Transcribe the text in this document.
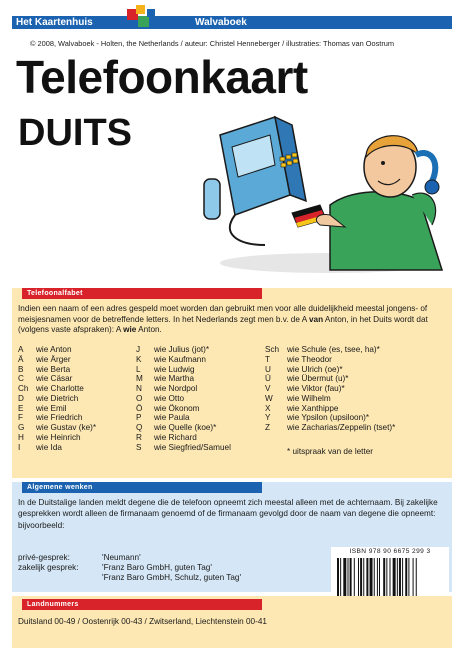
Het Kaartenhuis	Walvaboek
© 2008, Walvaboek - Holten, the Netherlands / auteur: Christel Henneberger / illustraties: Thomas van Oostrum
Telefoonkaart
DUITS
Telefoonalfabet

Indien een naam of een adres gespeld moet worden dan gebruikt men voor alle duidelijkheid meestal jongens- of meisjesnamen voor de betreffende letters. In het Nederlands zegt men b.v. de A van Anton, in het Duits wordt dat (volgens vaste afspraken): A wie Anton.

A	wie Anton
Ä	wie Ärger
B	wie Berta
C	wie Cäsar
Ch wie Charlotte
D	wie Dietrich
E	wie Emil
F	wie Friedrich
G	wie Gustav (ke)*
H	wie Heinrich
I	wie Ida
J	wie Julius (jot)*
K	wie Kaufmann
L	wie Ludwig
M	wie Martha
N	wie Nordpol
O	wie Otto
Ö	wie Ökonom
P	wie Paula
Q	wie Quelle (koe)*
R	wie Richard
S	wie Siegfried/Samuel
Sch wie Schule (es, tsee, ha)*
T	wie Theodor
U	wie Ulrich (oe)*
Ü	wie Übermut (u)*
V	wie Viktor (fau)*
W	wie Wilhelm
X	wie Xanthippe
Y	wie Ypsilon (upsiloon)*
Z	wie Zacharias/Zeppelin (tset)*
* uitspraak van de letter
Algemene wenken

In de Duitstalige landen meldt degene die de telefoon opneemt zich meestal alleen met de achternaam. Bij zakelijke gesprekken wordt alleen de firmanaam genoemd of de firmanaam gevolgd door de naam van degene die opneemt:

bijvoorbeeld:

privé-gesprek:	'Neumann'
zakelijk gesprek:	'Franz Baro GmbH, guten Tag'
'Franz Baro GmbH, Schulz, guten Tag'
ISBN 978 90 6675 299 3
Landnummers
Duitsland 00-49 / Oostenrijk 00-43 / Zwitserland, Liechtenstein 00-41
